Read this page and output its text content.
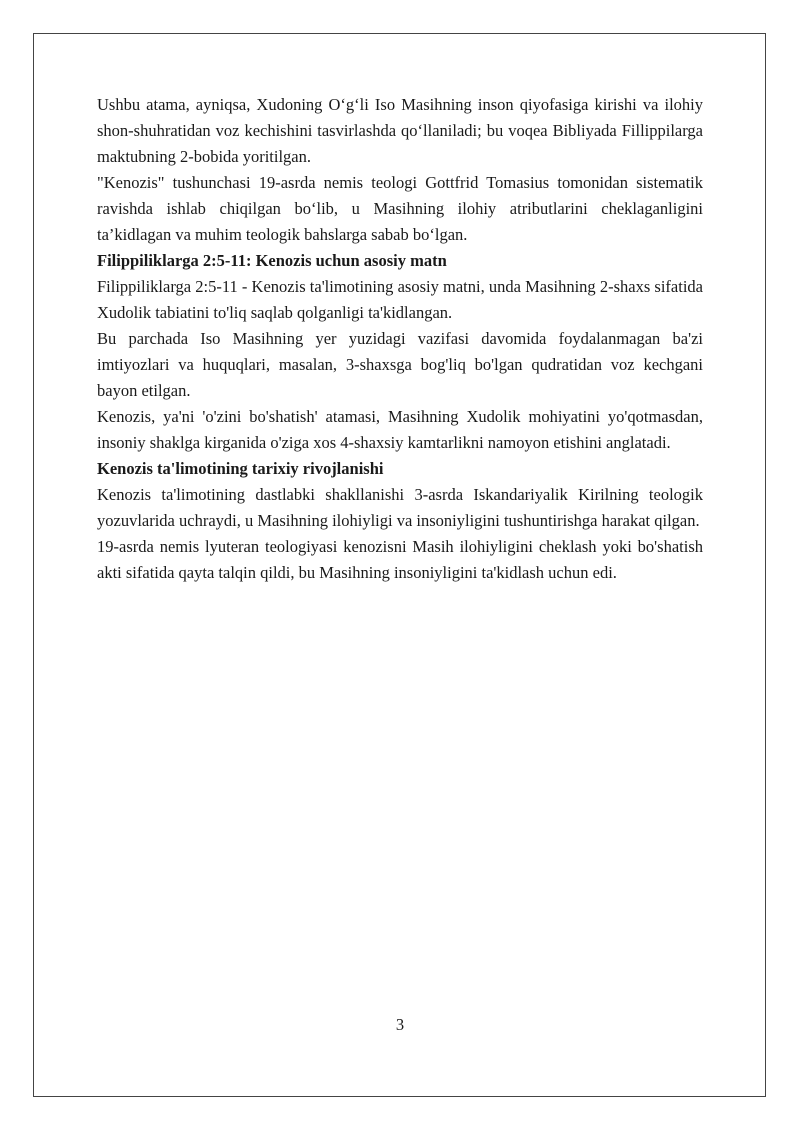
Ushbu atama, ayniqsa, Xudoning O‘g‘li Iso Masihning inson qiyofasiga kirishi va ilohiy shon-shuhratidan voz kechishini tasvirlashda qo‘llaniladi; bu voqea Bibliyada Fillippilarga maktubning 2-bobida yoritilgan.

"Kenozis" tushunchasi 19-asrda nemis teologi Gottfrid Tomasius tomonidan sistematik ravishda ishlab chiqilgan bo‘lib, u Masihning ilohiy atributlarini cheklaganligini ta’kidlagan va muhim teologik bahslarga sabab bo‘lgan.

Filippiliklarga 2:5-11: Kenozis uchun asosiy matn

Filippiliklarga 2:5-11 - Kenozis ta'limotining asosiy matni, unda Masihning 2-shaxs sifatida Xudolik tabiatini to'liq saqlab qolganligi ta'kidlangan.

Bu parchada Iso Masihning yer yuzidagi vazifasi davomida foydalanmagan ba'zi imtiyozlari va huquqlari, masalan, 3-shaxsga bog'liq bo'lgan qudratidan voz kechgani bayon etilgan.

Kenozis, ya'ni 'o'zini bo'shatish' atamasi, Masihning Xudolik mohiyatini yo'qotmasdan, insoniy shaklga kirganida o'ziga xos 4-shaxsiy kamtarlikni namoyon etishini anglatadi.

Kenozis ta'limotining tarixiy rivojlanishi

Kenozis ta'limotining dastlabki shakllanishi 3-asrda Iskandariyalik Kirilning teologik yozuvlarida uchraydi, u Masihning ilohiyligi va insoniyligini tushuntirishga harakat qilgan.

19-asrda nemis lyuteran teologiyasi kenozisni Masih ilohiyligini cheklash yoki bo'shatish akti sifatida qayta talqin qildi, bu Masihning insoniyligini ta'kidlash uchun edi.

3
